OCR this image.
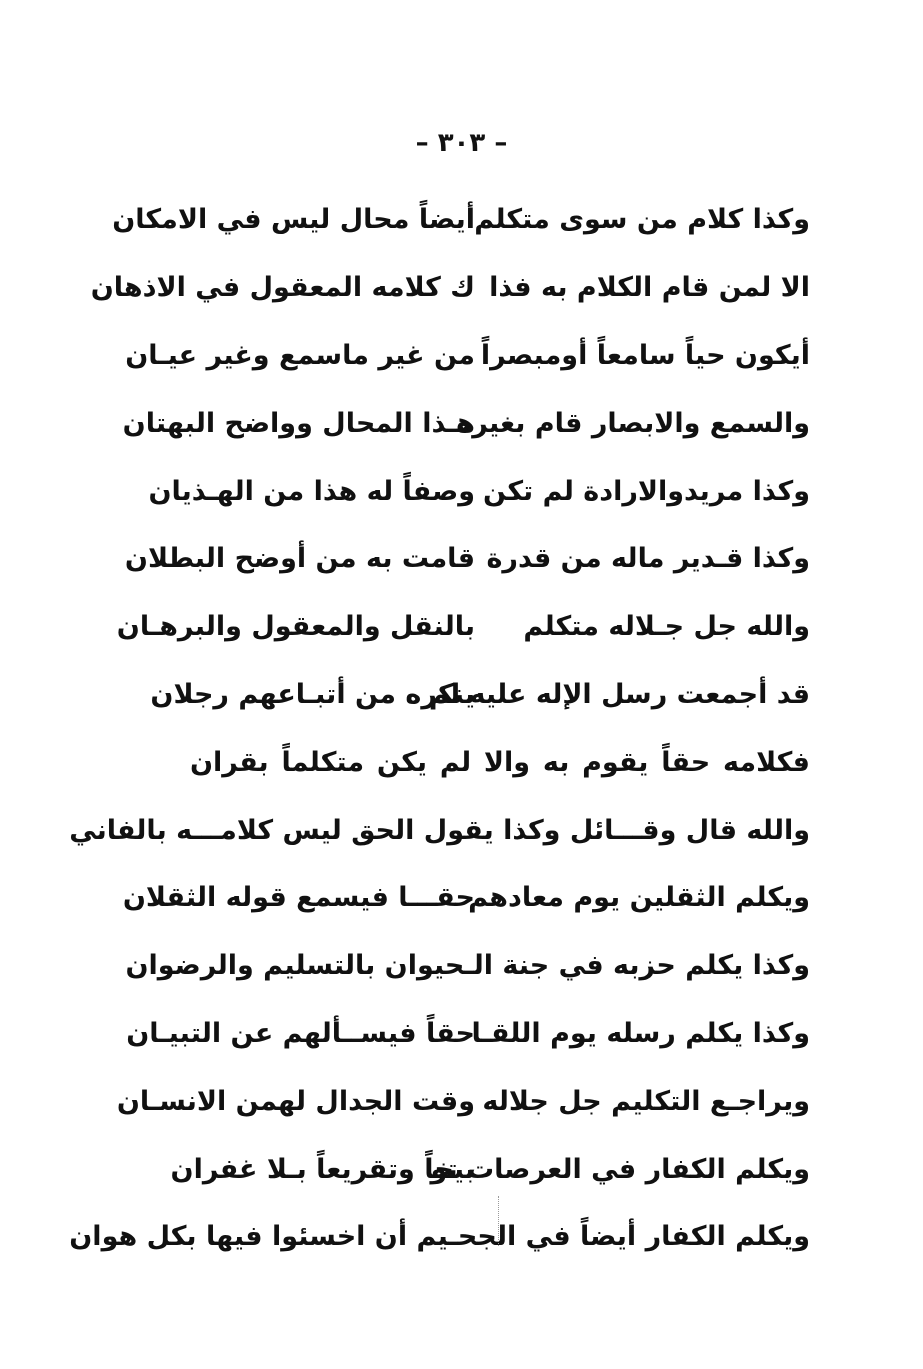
– ٣٠٣ –
وكذا كلام من سوى متكلم
أيضاً محال ليس في الامكان
الا لمن قام الكلام به فذا
ك كلامه المعقول في الاذهان
أيكون حياً سامعاً أومبصراً
من غير ماسمع وغير عيـان
والسمع والابصار قام بغيره
هـذا المحال وواضح البهتان
وكذا مريدوالارادة لم تكن
وصفاً له هذا من الهـذيان
وكذا قـدير ماله من قدرة
قامت به من أوضح البطلان
والله جل جـلاله متكلم
بالنقل والمعقول والبرهـان
قد أجمعت رسل الإله عليه لم
ينكره من أتبـاعهم رجلان
فكلامه حقاً يقوم به والا لم يكن متكلماً بقران
والله قال وقـــائل وكذا يقول الحق ليس كلامـــه بالفاني
ويكلم الثقلين يوم معادهم
حقـــا فيسمع قوله الثقلان
وكذا يكلم حزبه في جنة الـحيوان بالتسليم والرضوان
وكذا يكلم رسله يوم اللقـا
حقاً فيســألهم عن التبيـان
ويراجـع التكليم جل جلاله
وقت الجدال لهمن الانسـان
ويكلم الكفار في العرصات تو
بيخاً وتقريعاً بـلا غفران
ويكلم الكفار أيضاً في الجحـيم أن اخسئوا فيها بكل هوان
